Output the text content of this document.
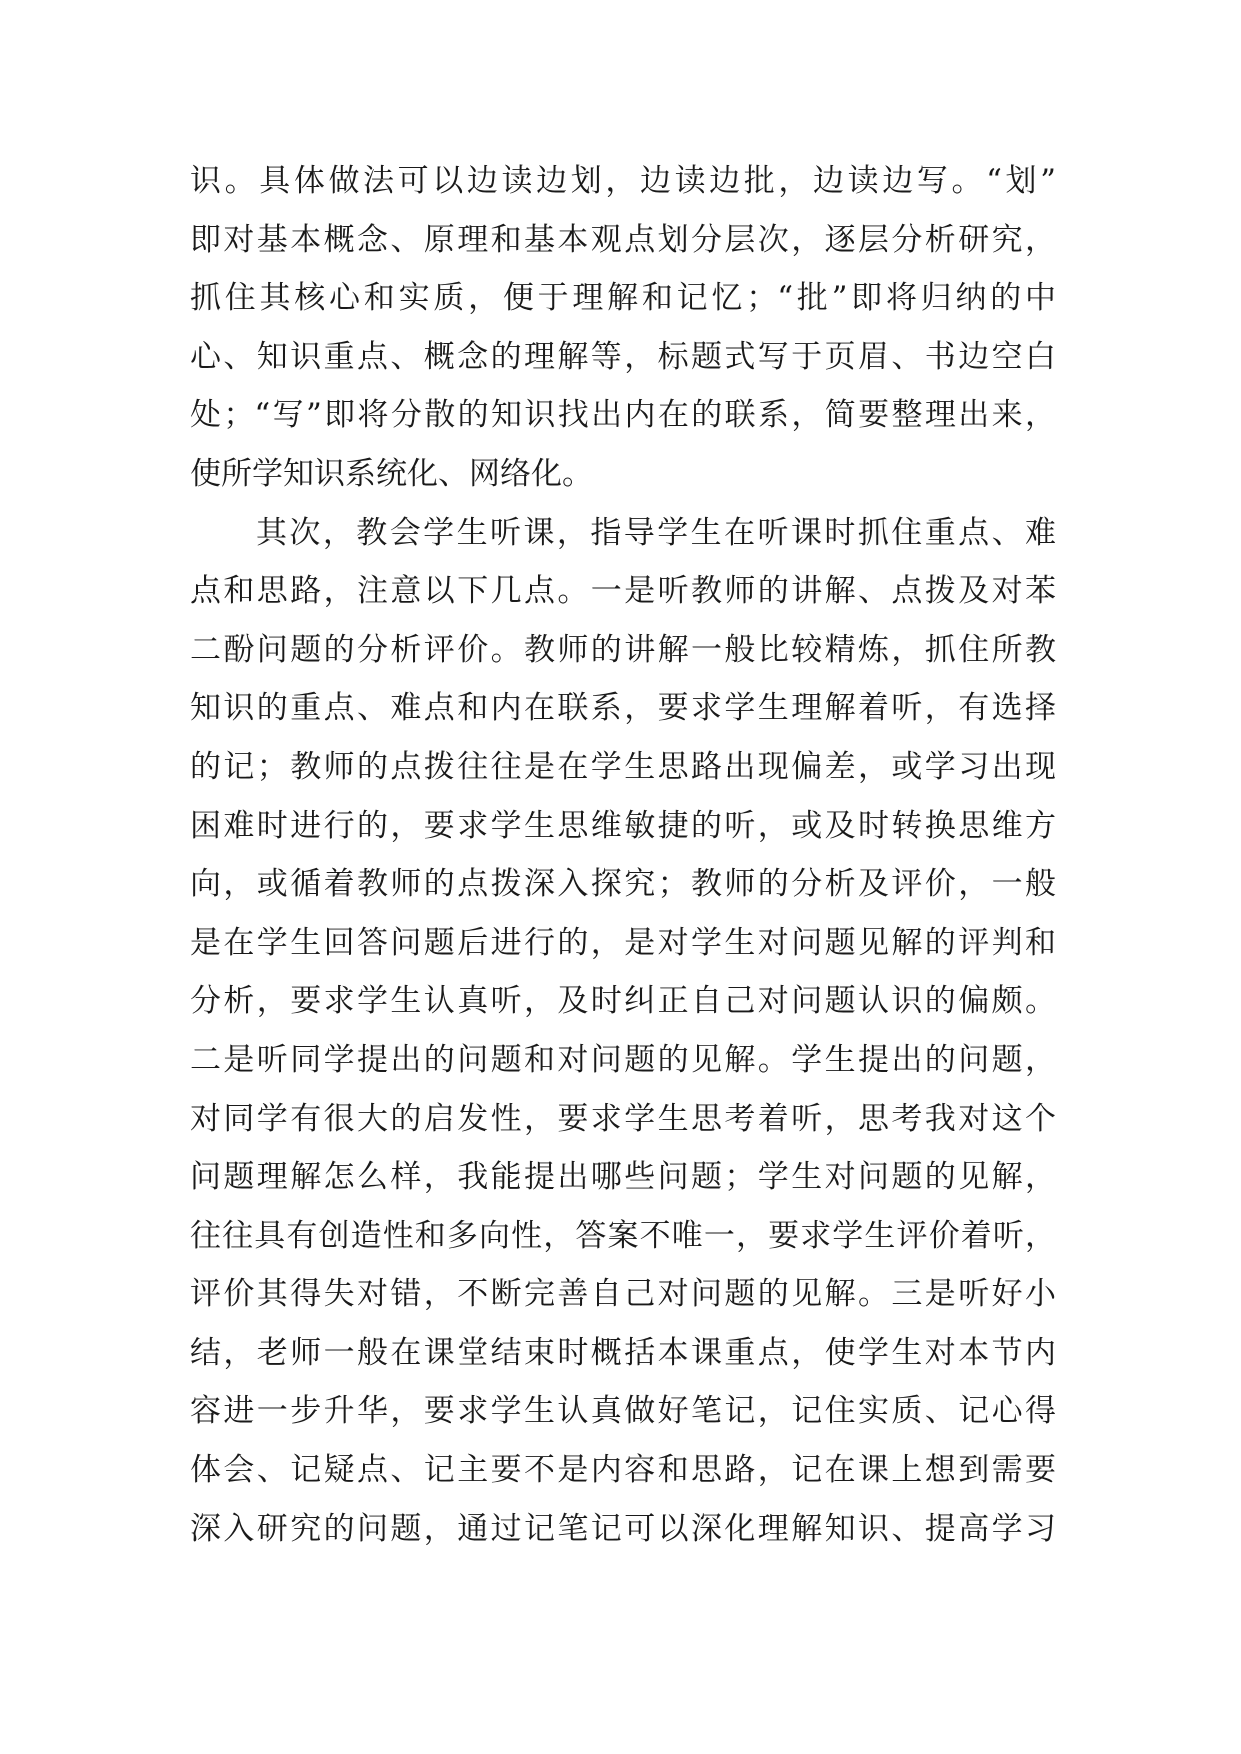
识。具体做法可以边读边划，边读边批，边读边写。“划”
即对基本概念、原理和基本观点划分层次，逐层分析研究，
抓住其核心和实质，便于理解和记忆；“批”即将归纳的中
心、知识重点、概念的理解等，标题式写于页眉、书边空白
处；“写”即将分散的知识找出内在的联系，简要整理出来，
使所学知识系统化、网络化。
其次，教会学生听课，指导学生在听课时抓住重点、难
点和思路，注意以下几点。一是听教师的讲解、点拨及对苯
二酚问题的分析评价。教师的讲解一般比较精炼，抓住所教
知识的重点、难点和内在联系，要求学生理解着听，有选择
的记；教师的点拨往往是在学生思路出现偏差，或学习出现
困难时进行的，要求学生思维敏捷的听，或及时转换思维方
向，或循着教师的点拨深入探究；教师的分析及评价，一般
是在学生回答问题后进行的，是对学生对问题见解的评判和
分析，要求学生认真听，及时纠正自己对问题认识的偏颇。
二是听同学提出的问题和对问题的见解。学生提出的问题，
对同学有很大的启发性，要求学生思考着听，思考我对这个
问题理解怎么样，我能提出哪些问题；学生对问题的见解，
往往具有创造性和多向性，答案不唯一，要求学生评价着听，
评价其得失对错，不断完善自己对问题的见解。三是听好小
结，老师一般在课堂结束时概括本课重点，使学生对本节内
容进一步升华，要求学生认真做好笔记，记住实质、记心得
体会、记疑点、记主要不是内容和思路，记在课上想到需要
深入研究的问题，通过记笔记可以深化理解知识、提高学习
